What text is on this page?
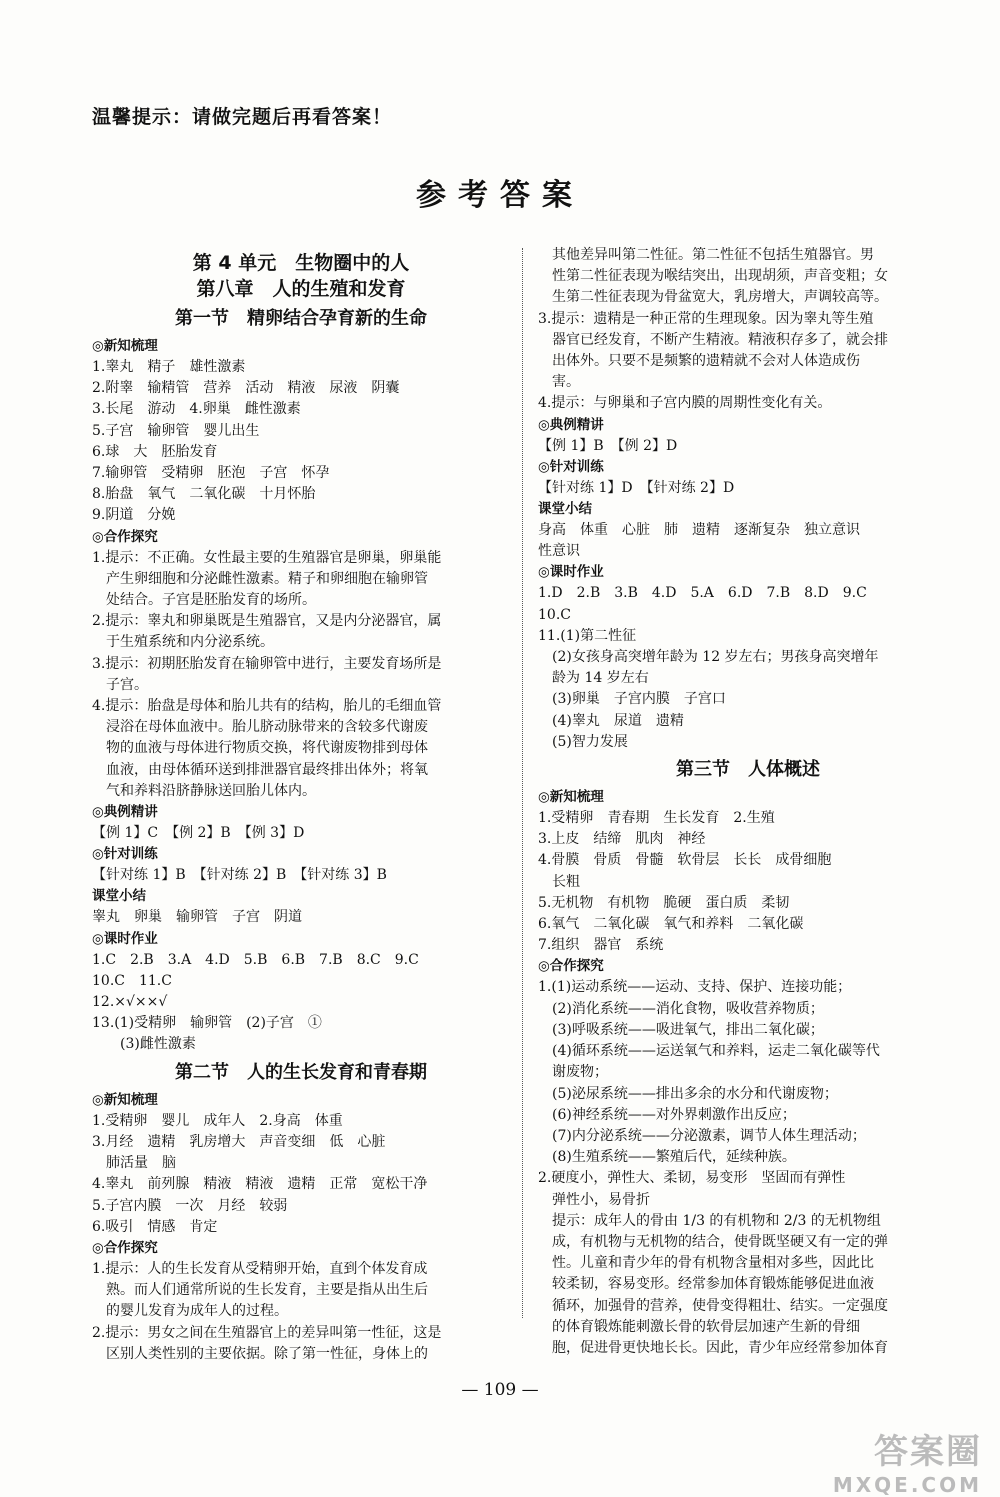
温馨提示：请做完题后再看答案！
参考答案
第 4 单元　生物圈中的人
第八章　人的生殖和发育
第一节　精卵结合孕育新的生命
◎新知梳理
1.睾丸　精子　雄性激素
2.附睾　输精管　营养　活动　精液　尿液　阴囊
3.长尾　游动　4.卵巢　雌性激素
5.子宫　输卵管　婴儿出生
6.球　大　胚胎发育
7.输卵管　受精卵　胚泡　子宫　怀孕
8.胎盘　氧气　二氧化碳　十月怀胎
9.阴道　分娩
◎合作探究
1.提示：不正确。女性最主要的生殖器官是卵巢，卵巢能
产生卵细胞和分泌雌性激素。精子和卵细胞在输卵管
处结合。子宫是胚胎发育的场所。
2.提示：睾丸和卵巢既是生殖器官，又是内分泌器官，属
于生殖系统和内分泌系统。
3.提示：初期胚胎发育在输卵管中进行，主要发育场所是
子宫。
4.提示：胎盘是母体和胎儿共有的结构，胎儿的毛细血管
浸浴在母体血液中。胎儿脐动脉带来的含较多代谢废
物的血液与母体进行物质交换，将代谢废物排到母体
血液，由母体循环送到排泄器官最终排出体外；将氧
气和养料沿脐静脉送回胎儿体内。
◎典例精讲
【例 1】C　【例 2】B　【例 3】D
◎针对训练
【针对练 1】B　【针对练 2】B　【针对练 3】B
课堂小结
睾丸　卵巢　输卵管　子宫　阴道
◎课时作业
1.C　2.B　3.A　4.D　5.B　6.B　7.B　8.C　9.C
10.C　11.C
12.×√××√
13.(1)受精卵　输卵管　(2)子宫　①
(3)雌性激素
第二节　人的生长发育和青春期
◎新知梳理
1.受精卵　婴儿　成年人　2.身高　体重
3.月经　遗精　乳房增大　声音变细　低　心脏
肺活量　脑
4.睾丸　前列腺　精液　精液　遗精　正常　宽松干净
5.子宫内膜　一次　月经　较弱
6.吸引　情感　肯定
◎合作探究
1.提示：人的生长发育从受精卵开始，直到个体发育成
熟。而人们通常所说的生长发育，主要是指从出生后
的婴儿发育为成年人的过程。
2.提示：男女之间在生殖器官上的差异叫第一性征，这是
区别人类性别的主要依据。除了第一性征，身体上的
其他差异叫第二性征。第二性征不包括生殖器官。男
性第二性征表现为喉结突出，出现胡须，声音变粗；女
生第二性征表现为骨盆宽大，乳房增大，声调较高等。
3.提示：遗精是一种正常的生理现象。因为睾丸等生殖
器官已经发育，不断产生精液。精液积存多了，就会排
出体外。只要不是频繁的遗精就不会对人体造成伤
害。
4.提示：与卵巢和子宫内膜的周期性变化有关。
◎典例精讲
【例 1】B　【例 2】D
◎针对训练
【针对练 1】D　【针对练 2】D
课堂小结
身高　体重　心脏　肺　遗精　逐渐复杂　独立意识
性意识
◎课时作业
1.D　2.B　3.B　4.D　5.A　6.D　7.B　8.D　9.C
10.C
11.(1)第二性征
(2)女孩身高突增年龄为 12 岁左右；男孩身高突增年
龄为 14 岁左右
(3)卵巢　子宫内膜　子宫口
(4)睾丸　尿道　遗精
(5)智力发展
第三节　人体概述
◎新知梳理
1.受精卵　青春期　生长发育　2.生殖
3.上皮　结缔　肌肉　神经
4.骨膜　骨质　骨髓　软骨层　长长　成骨细胞
长粗
5.无机物　有机物　脆硬　蛋白质　柔韧
6.氧气　二氧化碳　氧气和养料　二氧化碳
7.组织　器官　系统
◎合作探究
1.(1)运动系统——运动、支持、保护、连接功能；
(2)消化系统——消化食物，吸收营养物质；
(3)呼吸系统——吸进氧气，排出二氧化碳；
(4)循环系统——运送氧气和养料，运走二氧化碳等代
谢废物；
(5)泌尿系统——排出多余的水分和代谢废物；
(6)神经系统——对外界刺激作出反应；
(7)内分泌系统——分泌激素，调节人体生理活动；
(8)生殖系统——繁殖后代，延续种族。
2.硬度小，弹性大、柔韧，易变形　坚固而有弹性
弹性小，易骨折
提示：成年人的骨由 1/3 的有机物和 2/3 的无机物组
成，有机物与无机物的结合，使骨既坚硬又有一定的弹
性。儿童和青少年的骨有机物含量相对多些，因此比
较柔韧，容易变形。经常参加体育锻炼能够促进血液
循环，加强骨的营养，使骨变得粗壮、结实。一定强度
的体育锻炼能刺激长骨的软骨层加速产生新的骨细
胞，促进骨更快地长长。因此，青少年应经常参加体育
— 109 —
答案圈
MXQE.COM
